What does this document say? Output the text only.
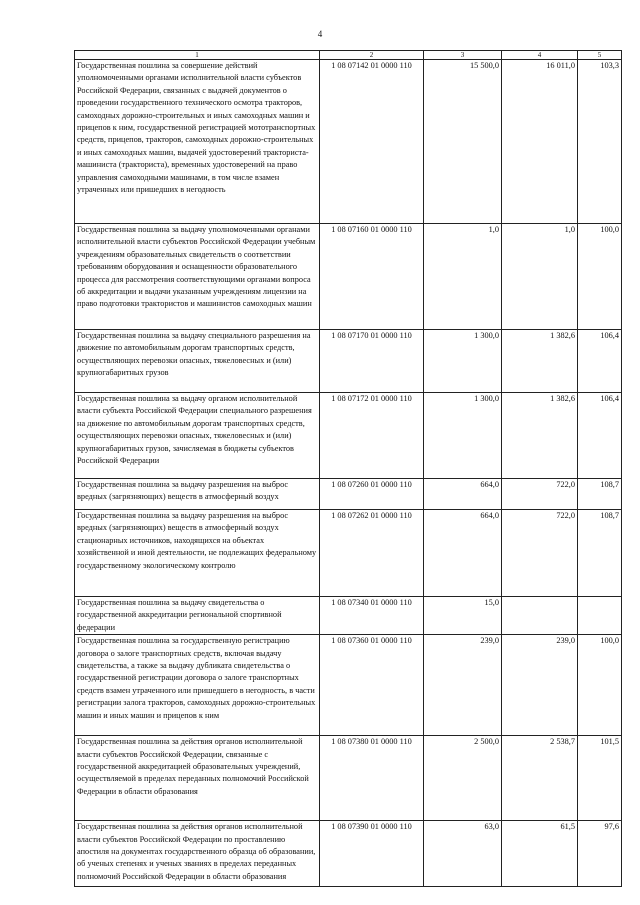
4
1	2	3	4	5
Государственная пошлина за совершение действий уполномоченными органами исполнительной власти субъектов Российской Федерации, связанных с выдачей документов о проведении государственного технического осмотра тракторов, самоходных дорожно-строительных и иных самоходных машин и прицепов к ним, государственной регистрацией мототранспортных средств, прицепов, тракторов, самоходных дорожно-строительных и иных самоходных машин, выдачей удостоверений тракториста-машиниста (тракториста), временных удостоверений на право управления самоходными машинами, в том числе взамен утраченных или пришедших в негодность	1 08 07142 01 0000 110	15 500,0	16 011,0	103,3
Государственная пошлина за выдачу уполномоченными органами исполнительной власти субъектов Российской Федерации учебным учреждениям образовательных свидетельств о соответствии требованиям оборудования и оснащенности образовательного процесса для рассмотрения соответствующими органами вопроса об аккредитации и выдачи указанным учреждениям лицензии на право подготовки трактористов и машинистов самоходных машин	1 08 07160 01 0000 110	1,0	1,0	100,0
Государственная пошлина за выдачу специального разрешения на движение по автомобильным дорогам транспортных средств, осуществляющих перевозки опасных, тяжеловесных и (или) крупногабаритных грузов	1 08 07170 01 0000 110	1 300,0	1 382,6	106,4
Государственная пошлина за выдачу органом исполнительной власти субъекта Российской Федерации специального разрешения на движение по автомобильным дорогам транспортных средств, осуществляющих перевозки опасных, тяжеловесных и (или) крупногабаритных грузов, зачисляемая в бюджеты субъектов Российской Федерации	1 08 07172 01 0000 110	1 300,0	1 382,6	106,4
Государственная пошлина за выдачу разрешения на выброс вредных (загрязняющих) веществ в атмосферный воздух	1 08 07260 01 0000 110	664,0	722,0	108,7
Государственная пошлина за выдачу разрешения на выброс вредных (загрязняющих) веществ в атмосферный воздух стационарных источников, находящихся на объектах хозяйственной и иной деятельности, не подлежащих федеральному государственному экологическому контролю	1 08 07262 01 0000 110	664,0	722,0	108,7
Государственная пошлина за выдачу свидетельства о государственной аккредитации региональной спортивной федерации	1 08 07340 01 0000 110	15,0		
Государственная пошлина за государственную регистрацию договора о залоге транспортных средств, включая выдачу свидетельства, а также за выдачу дубликата свидетельства о государственной регистрации договора о залоге транспортных средств взамен утраченного или пришедшего в негодность, в части регистрации залога тракторов, самоходных дорожно-строительных машин и иных машин и прицепов к ним	1 08 07360 01 0000 110	239,0	239,0	100,0
Государственная пошлина за действия органов исполнительной власти субъектов Российской Федерации, связанные с государственной аккредитацией образовательных учреждений, осуществляемой в пределах переданных полномочий Российской Федерации в области образования	1 08 07380 01 0000 110	2 500,0	2 538,7	101,5
Государственная пошлина за действия органов исполнительной власти субъектов Российской Федерации по проставлению апостиля на документах государственного образца об образовании, об ученых степенях и ученых званиях в пределах переданных полномочий Российской Федерации в области образования	1 08 07390 01 0000 110	63,0	61,5	97,6
